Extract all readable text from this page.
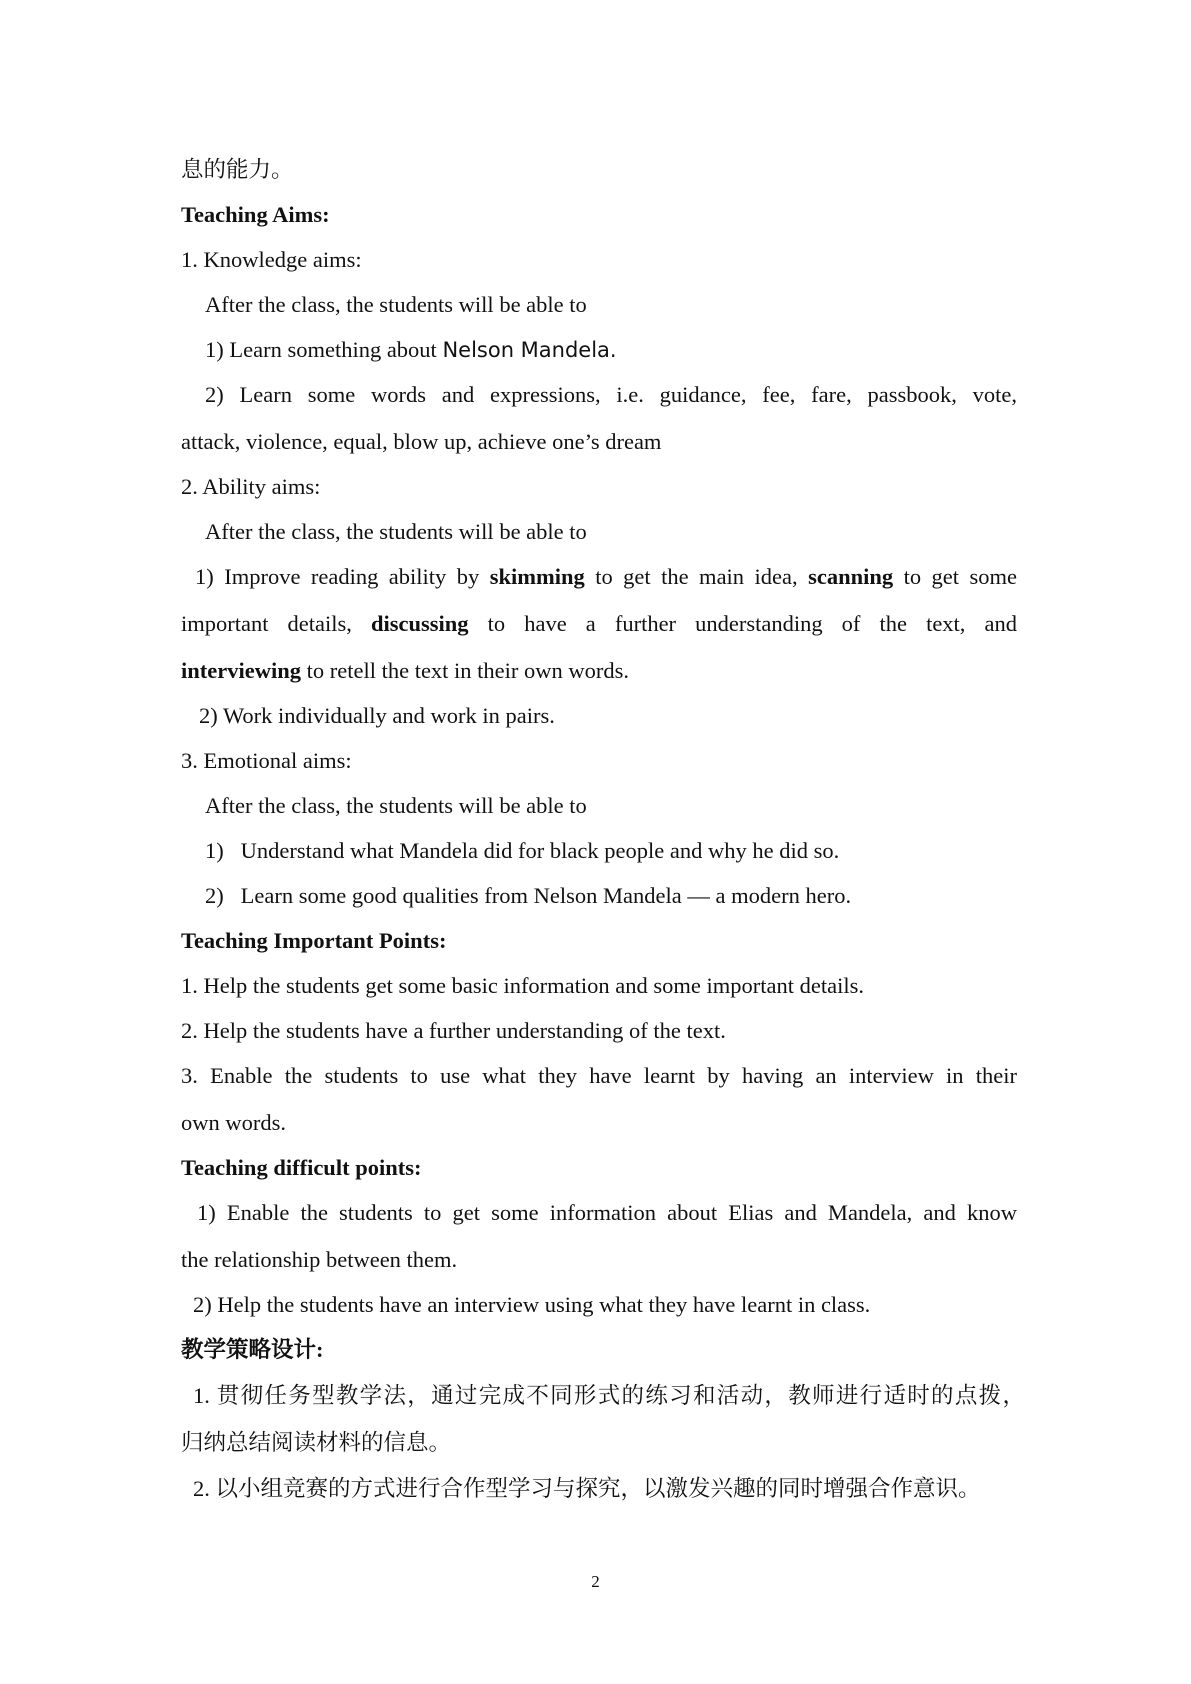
息的能力。
Teaching Aims:
1. Knowledge aims:
After the class, the students will be able to
1) Learn something about Nelson Mandela.
2) Learn some words and expressions, i.e. guidance, fee, fare, passbook, vote,
attack, violence, equal, blow up, achieve one’s dream
2. Ability aims:
After the class, the students will be able to
1) Improve reading ability by skimming to get the main idea, scanning to get some
important details, discussing to have a further understanding of the text, and
interviewing to retell the text in their own words.
2) Work individually and work in pairs.
3. Emotional aims:
After the class, the students will be able to
1)   Understand what Mandela did for black people and why he did so.
2)   Learn some good qualities from Nelson Mandela — a modern hero.
Teaching Important Points:
1. Help the students get some basic information and some important details.
2. Help the students have a further understanding of the text.
3. Enable the students to use what they have learnt by having an interview in their
own words.
Teaching difficult points:
1) Enable the students to get some information about Elias and Mandela, and know
the relationship between them.
2) Help the students have an interview using what they have learnt in class.
教学策略设计:
1. 贯彻任务型教学法，通过完成不同形式的练习和活动，教师进行适时的点拨，
归纳总结阅读材料的信息。
2. 以小组竞赛的方式进行合作型学习与探究，以激发兴趣的同时增强合作意识。
2
